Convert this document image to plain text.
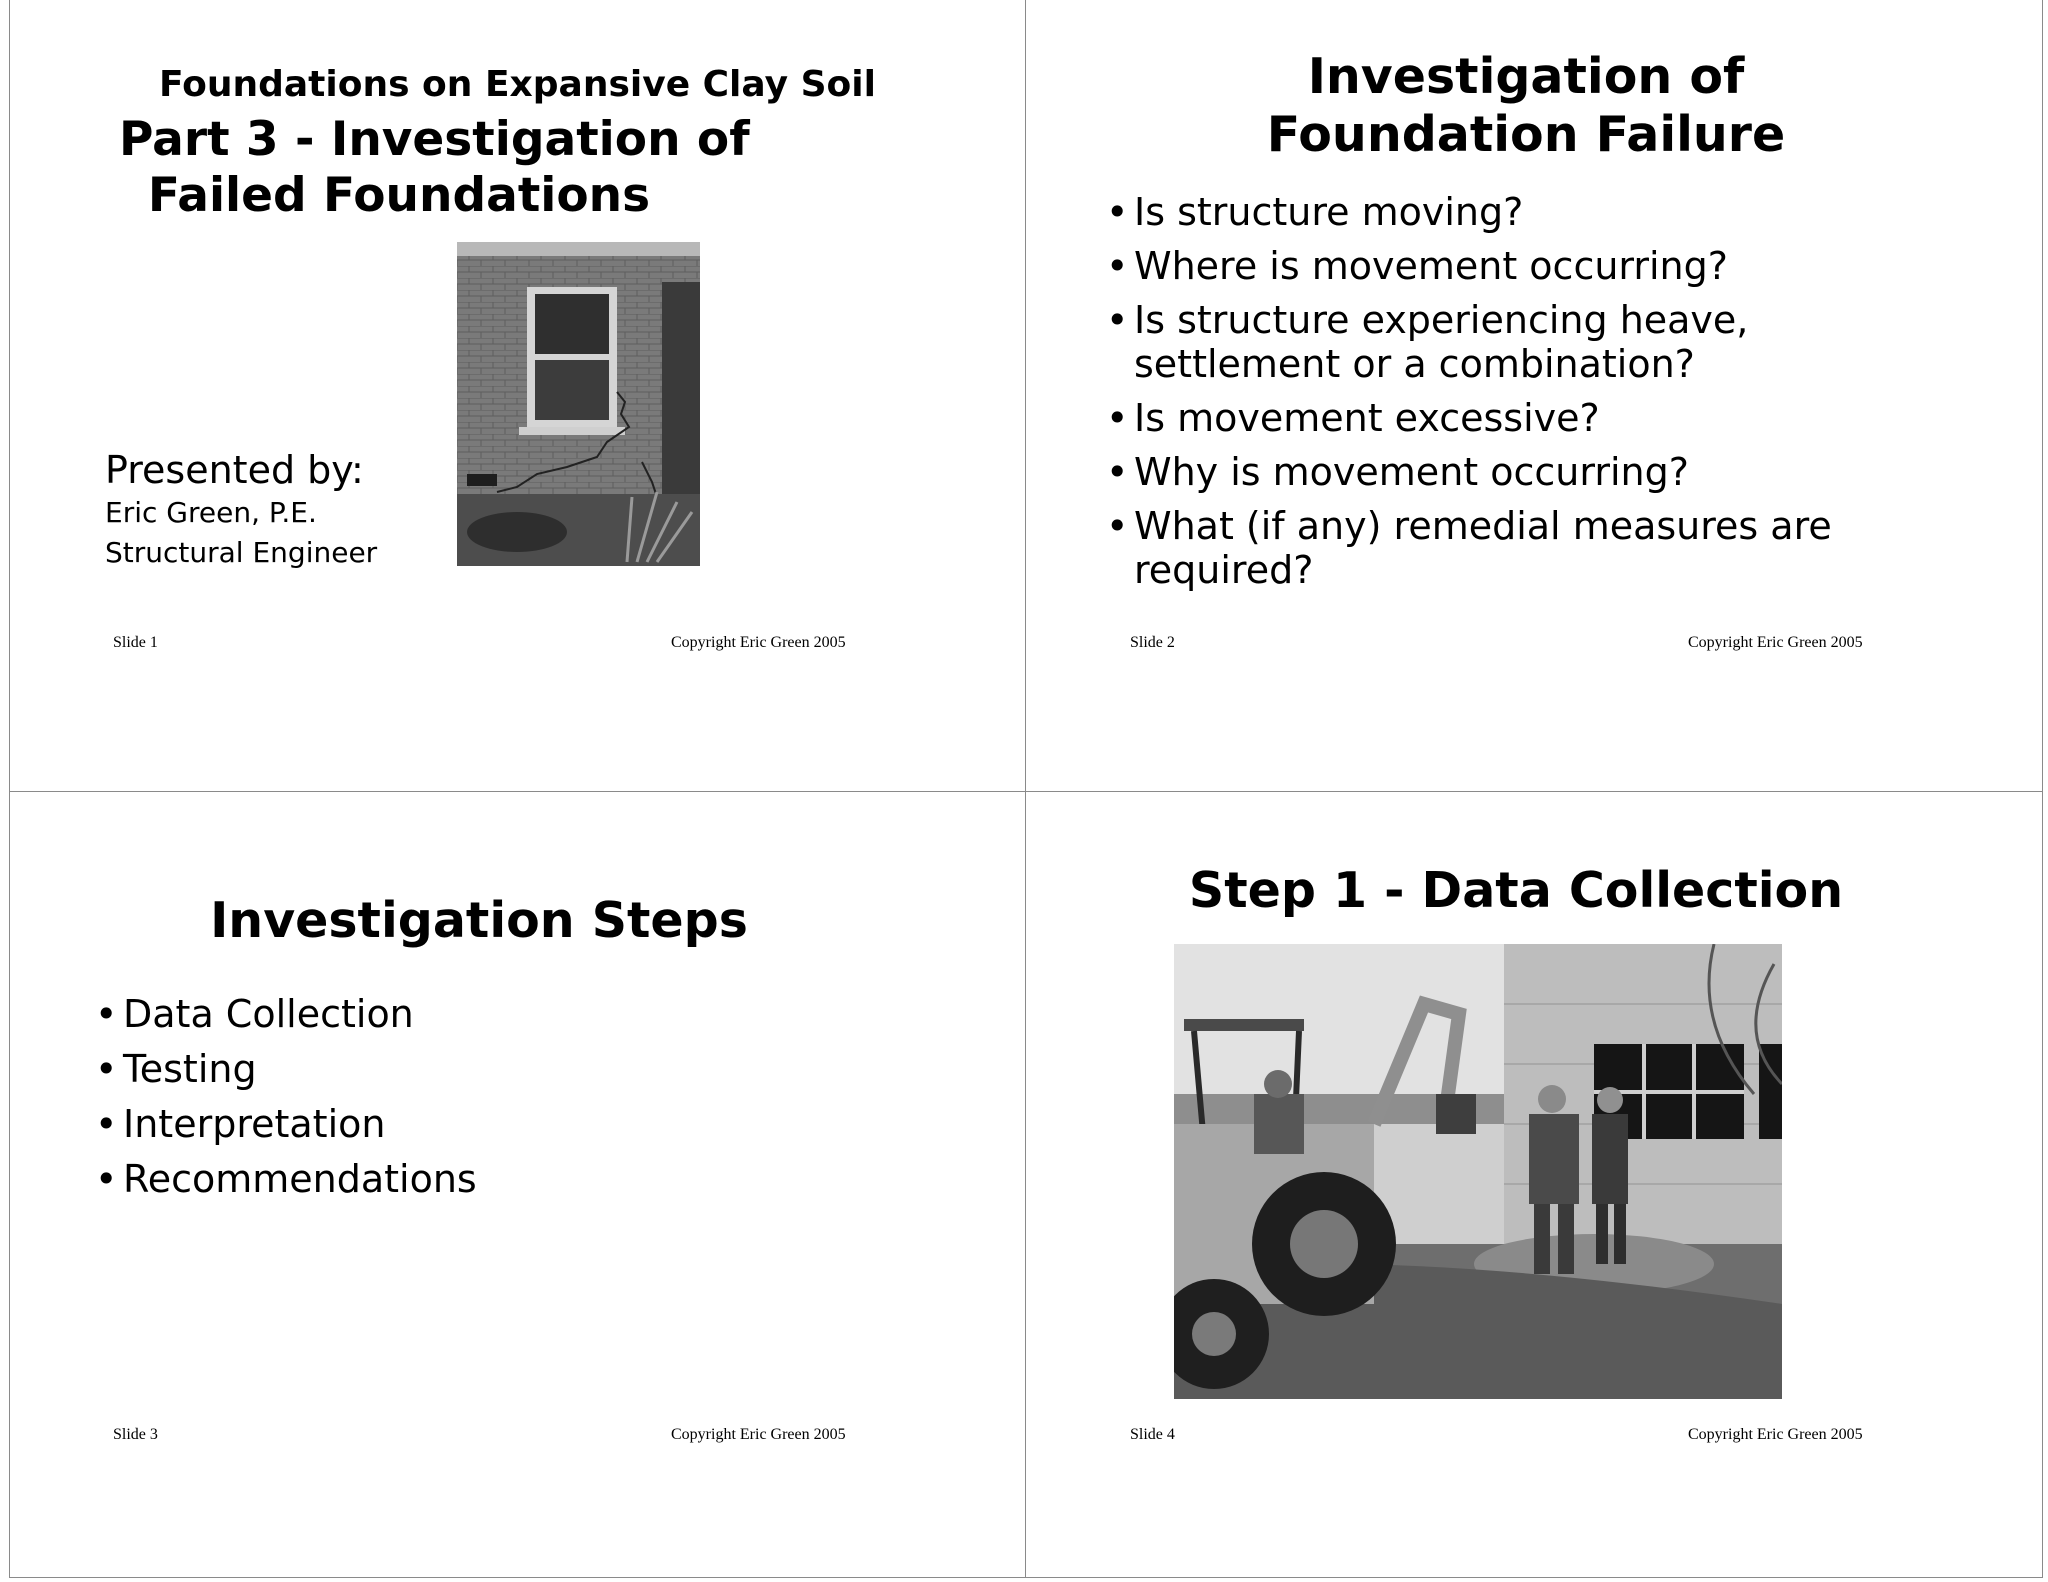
Foundations on Expansive Clay Soil
Part 3 - Investigation of
Failed Foundations
Presented by:
Eric Green, P.E.
Structural Engineer
Slide 1	Copyright Eric Green 2005
Investigation of
Foundation Failure
• Is structure moving?
• Where is movement occurring?
• Is structure experiencing heave,
settlement or a combination?
• Is movement excessive?
• Why is movement occurring?
• What (if any) remedial measures are
required?
Slide 2	Copyright Eric Green 2005
Investigation Steps
• Data Collection
• Testing
• Interpretation
• Recommendations
Slide 3	Copyright Eric Green 2005
Step 1 - Data Collection
Slide 4	Copyright Eric Green 2005
